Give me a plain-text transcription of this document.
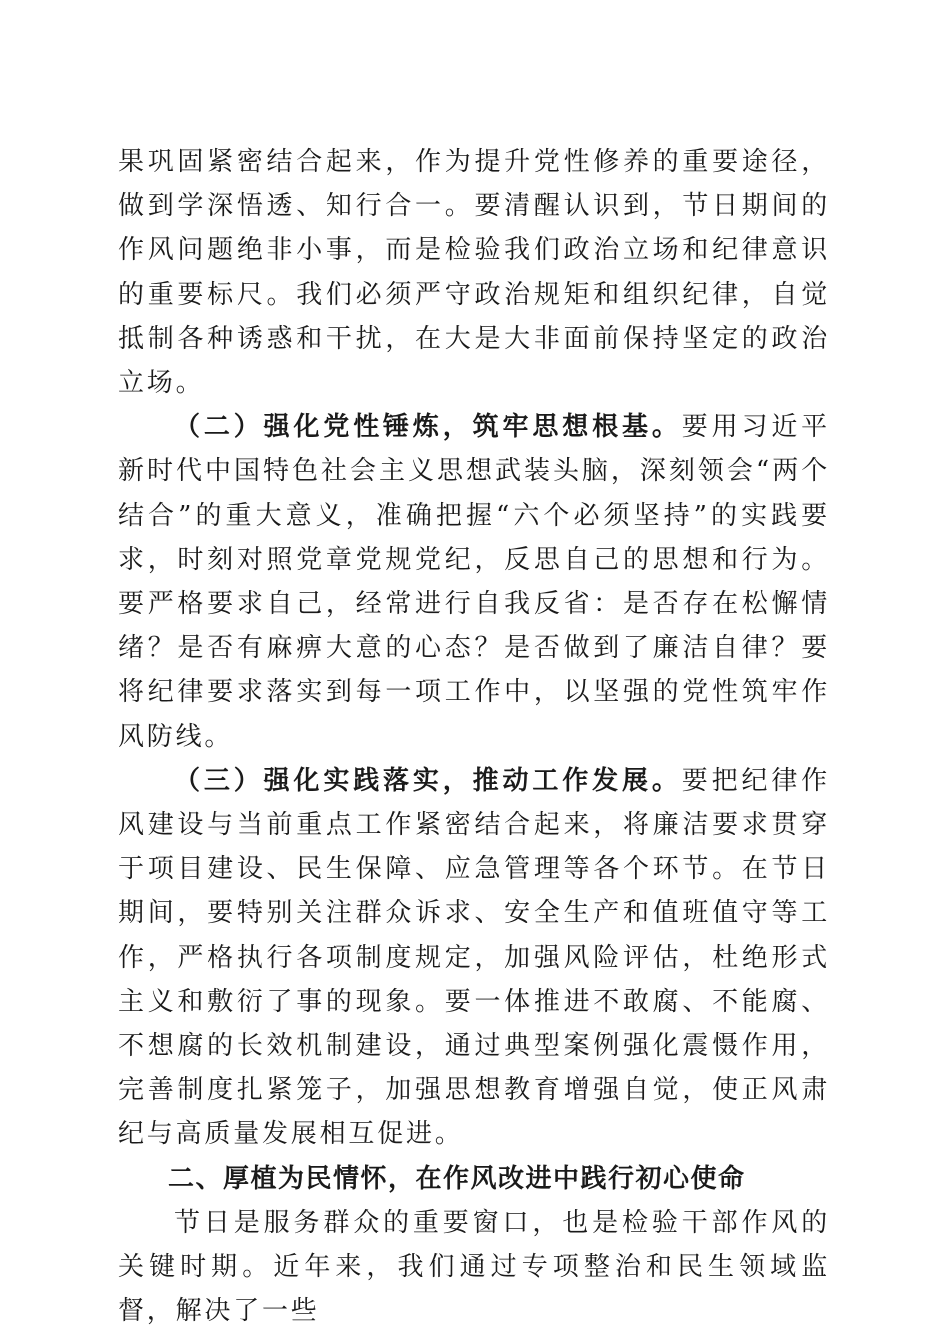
果巩固紧密结合起来，作为提升党性修养的重要途径，做到学深悟透、知行合一。要清醒认识到，节日期间的作风问题绝非小事，而是检验我们政治立场和纪律意识的重要标尺。我们必须严守政治规矩和组织纪律，自觉抵制各种诱惑和干扰，在大是大非面前保持坚定的政治立场。

（二）强化党性锤炼，筑牢思想根基。要用习近平新时代中国特色社会主义思想武装头脑，深刻领会“两个结合”的重大意义，准确把握“六个必须坚持”的实践要求，时刻对照党章党规党纪，反思自己的思想和行为。要严格要求自己，经常进行自我反省：是否存在松懈情绪？是否有麻痹大意的心态？是否做到了廉洁自律？要将纪律要求落实到每一项工作中，以坚强的党性筑牢作风防线。

（三）强化实践落实，推动工作发展。要把纪律作风建设与当前重点工作紧密结合起来，将廉洁要求贯穿于项目建设、民生保障、应急管理等各个环节。在节日期间，要特别关注群众诉求、安全生产和值班值守等工作，严格执行各项制度规定，加强风险评估，杜绝形式主义和敷衍了事的现象。要一体推进不敢腐、不能腐、不想腐的长效机制建设，通过典型案例强化震慑作用，完善制度扎紧笼子，加强思想教育增强自觉，使正风肃纪与高质量发展相互促进。

二、厚植为民情怀，在作风改进中践行初心使命

节日是服务群众的重要窗口，也是检验干部作风的关键时期。近年来，我们通过专项整治和民生领域监督，解决了一些
